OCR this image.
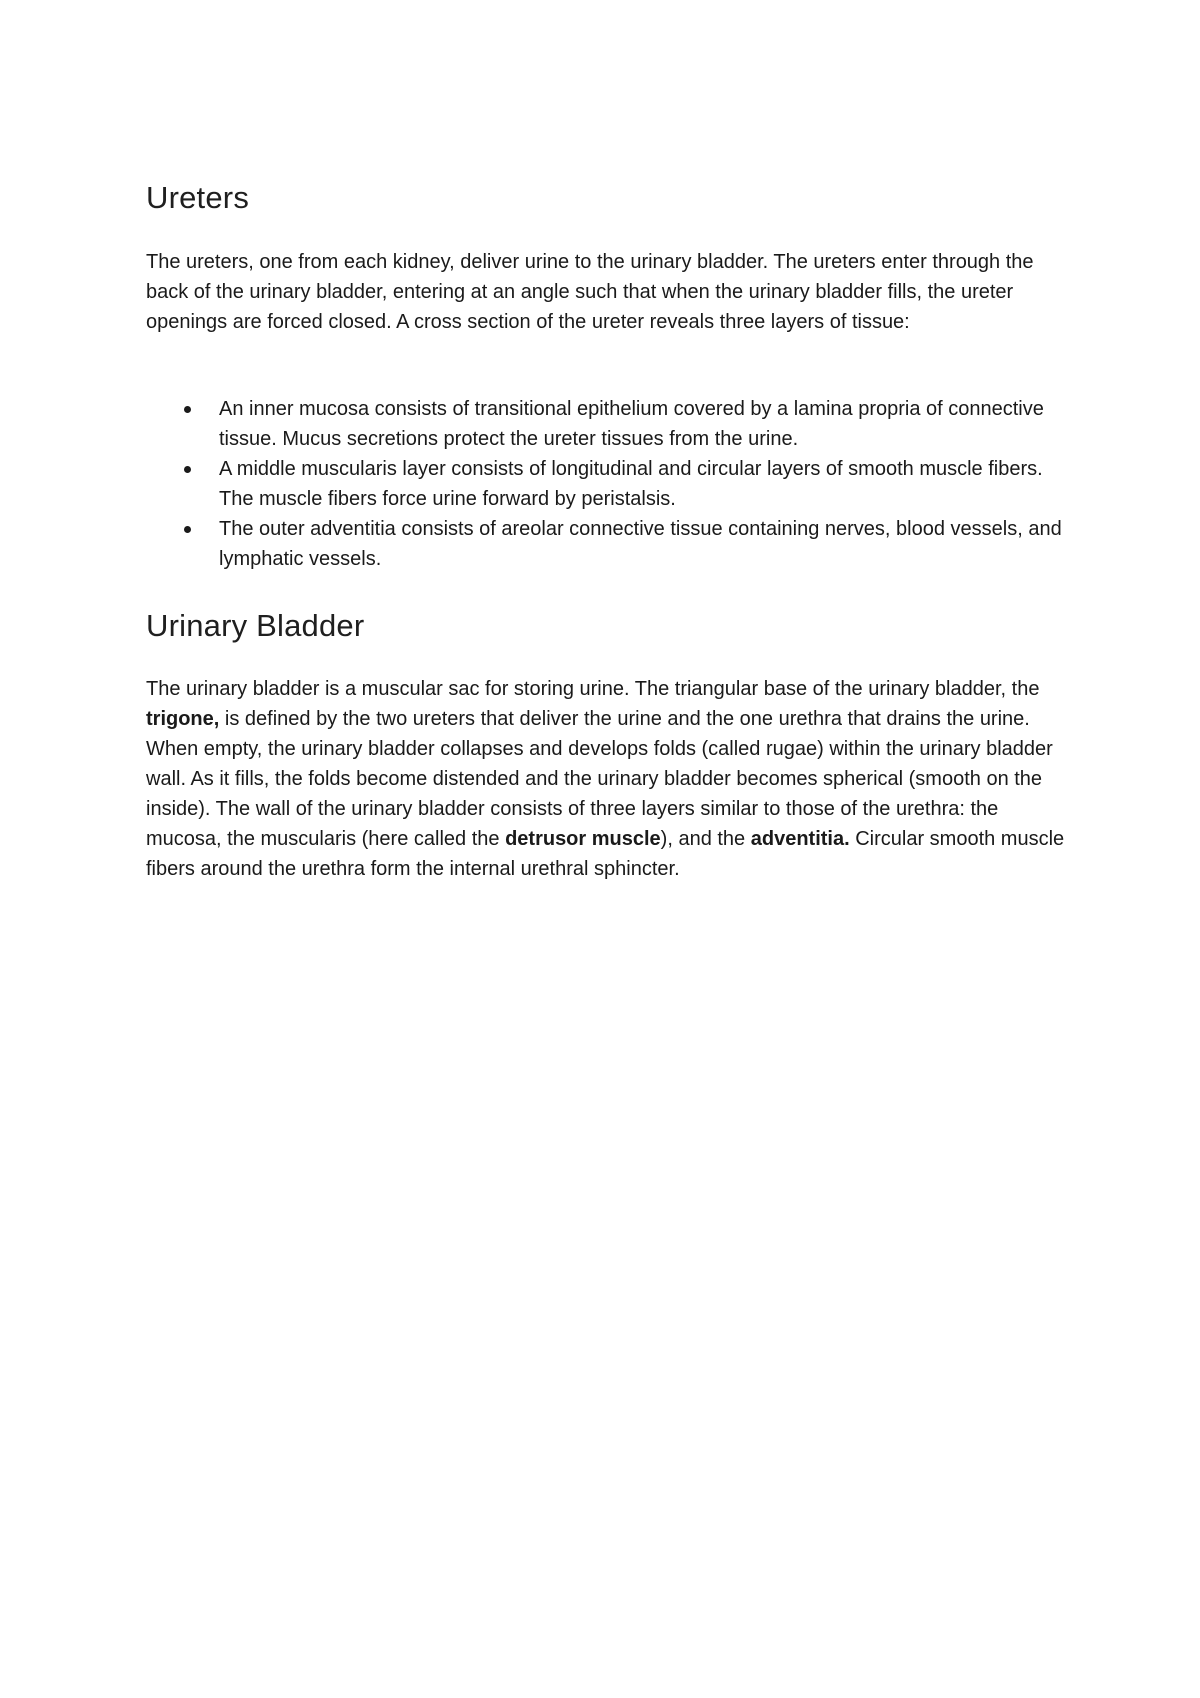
Ureters

The ureters, one from each kidney, deliver urine to the urinary bladder. The ureters enter through the back of the urinary bladder, entering at an angle such that when the urinary bladder fills, the ureter openings are forced closed. A cross section of the ureter reveals three layers of tissue:

An inner mucosa consists of transitional epithelium covered by a lamina propria of connective tissue. Mucus secretions protect the ureter tissues from the urine.
A middle muscularis layer consists of longitudinal and circular layers of smooth muscle fibers. The muscle fibers force urine forward by peristalsis.
The outer adventitia consists of areolar connective tissue containing nerves, blood vessels, and lymphatic vessels.
Urinary Bladder

The urinary bladder is a muscular sac for storing urine. The triangular base of the urinary bladder, the trigone, is defined by the two ureters that deliver the urine and the one urethra that drains the urine. When empty, the urinary bladder collapses and develops folds (called rugae) within the urinary bladder wall. As it fills, the folds become distended and the urinary bladder becomes spherical (smooth on the inside). The wall of the urinary bladder consists of three layers similar to those of the urethra: the mucosa, the muscularis (here called the detrusor muscle), and the adventitia. Circular smooth muscle fibers around the urethra form the internal urethral sphincter.
